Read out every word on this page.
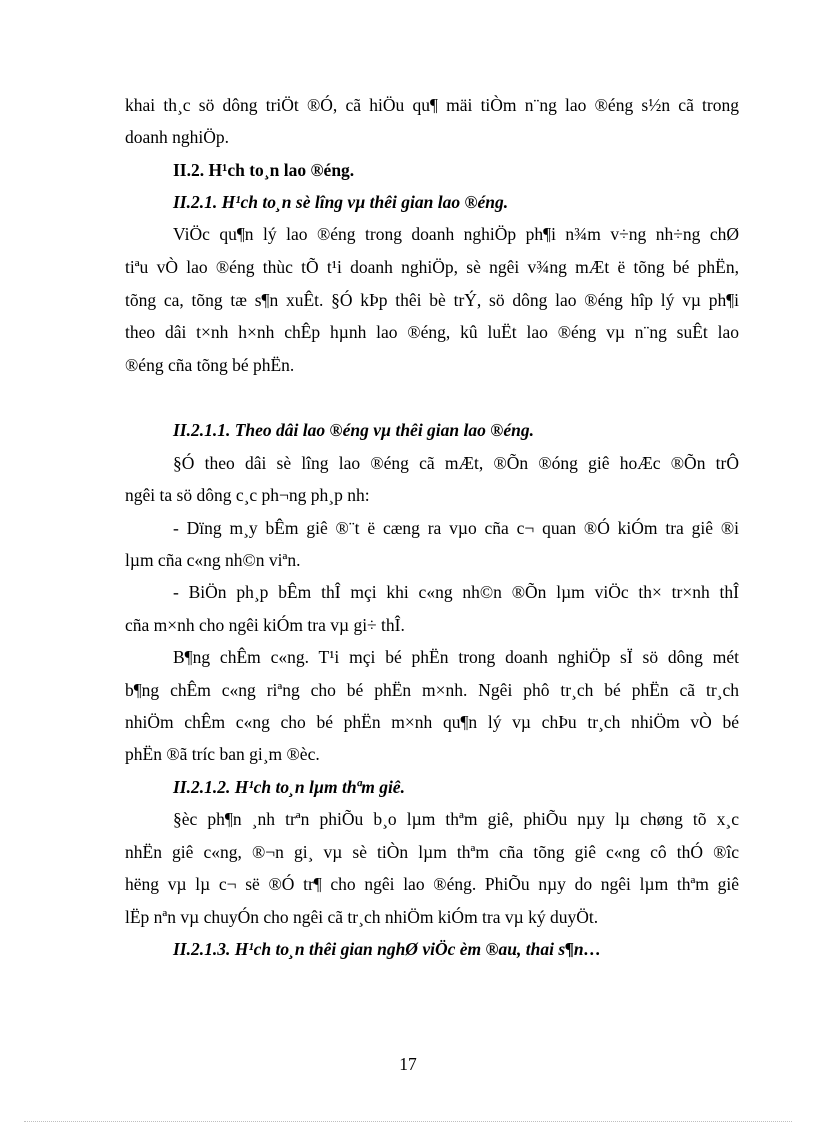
khai th¸c sö dông triÖt ®Ó, cã hiÖu qu¶ mäi tiÒm n¨ng lao ®éng s½n cã trong
doanh nghiÖp.
II.2. H¹ch to¸n lao ®éng.
II.2.1. H¹ch to¸n sè lîng vµ thêi gian lao ®éng.
ViÖc qu¶n lý lao ®éng trong doanh nghiÖp ph¶i n¾m v÷ng nh÷ng chØ
tiªu vÒ lao ®éng thùc tÕ t¹i doanh nghiÖp, sè ngêi v¾ng mÆt ë tõng bé phËn,
tõng ca, tõng tæ s¶n xuÊt. §Ó kÞp thêi bè trÝ, sö dông lao ®éng hîp lý vµ ph¶i
theo dâi t×nh h×nh chÊp hµnh lao ®éng, kû luËt lao ®éng vµ n¨ng suÊt lao
®éng cña tõng bé phËn.
II.2.1.1. Theo dâi lao ®éng vµ thêi gian lao ®éng.
§Ó theo dâi sè lîng lao ®éng cã mÆt, ®Õn ®óng giê hoÆc ®Õn trÔ
ngêi ta sö dông c¸c ph¬ng ph¸p nh:
- Dïng m¸y bÊm giê ®¨t ë cæng ra vµo cña c¬ quan ®Ó kiÓm tra giê ®i
lµm cña c«ng nh©n viªn.
- BiÖn ph¸p bÊm thÎ mçi khi c«ng nh©n ®Õn lµm viÖc th× tr×nh thÎ
cña m×nh cho ngêi kiÓm tra vµ gi÷ thÎ.
B¶ng chÊm c«ng. T¹i mçi bé phËn trong doanh nghiÖp sÏ sö dông mét
b¶ng chÊm c«ng riªng cho bé phËn m×nh. Ngêi phô tr¸ch bé phËn cã tr¸ch
nhiÖm chÊm c«ng cho bé phËn m×nh qu¶n lý vµ chÞu tr¸ch nhiÖm vÒ bé
phËn ®ã tríc ban gi¸m ®èc.
II.2.1.2. H¹ch to¸n lµm thªm giê.
§èc ph¶n ¸nh trªn phiÕu b¸o lµm thªm giê, phiÕu nµy lµ chøng tõ x¸c
nhËn giê c«ng, ®¬n gi¸ vµ sè tiÒn lµm thªm cña tõng giê c«ng cô thÓ ®îc
hëng vµ lµ c¬ së ®Ó tr¶ cho ngêi lao ®éng. PhiÕu nµy do ngêi lµm thªm giê
lËp nªn vµ chuyÓn cho ngêi cã tr¸ch nhiÖm kiÓm tra vµ ký duyÖt.
II.2.1.3. H¹ch to¸n thêi gian nghØ viÖc èm ®au, thai s¶n…
17
